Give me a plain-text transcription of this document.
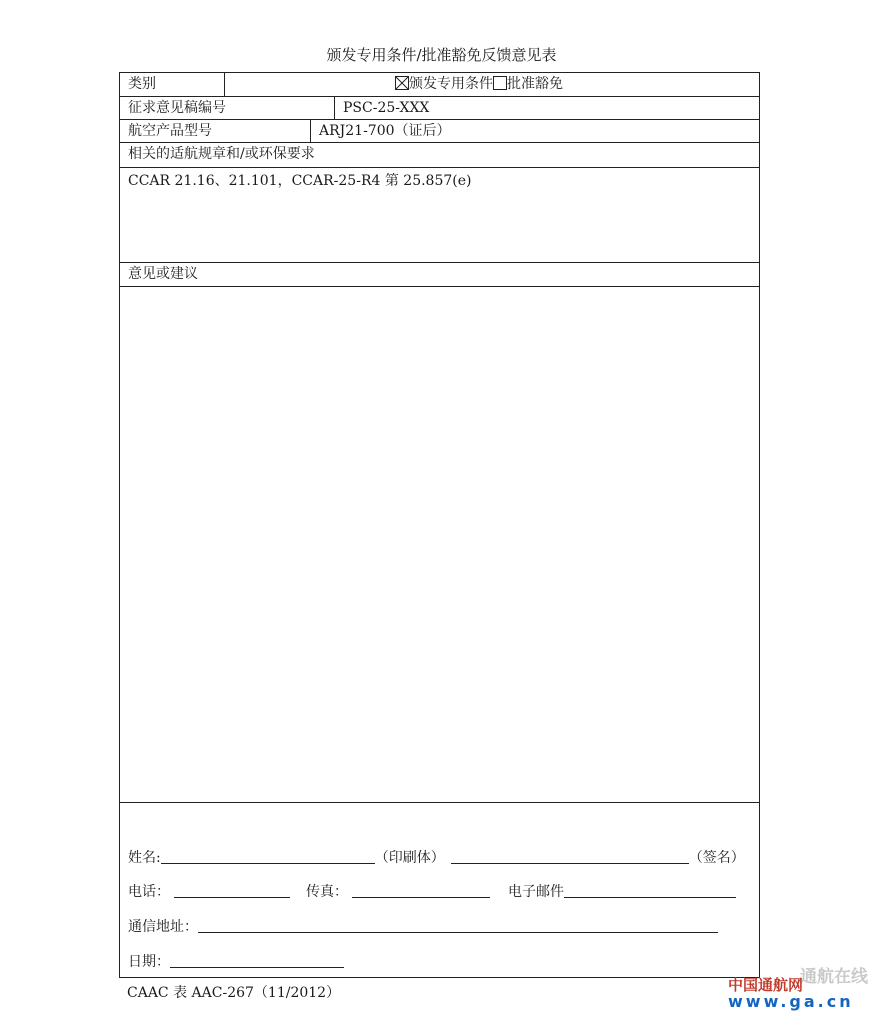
颁发专用条件/批准豁免反馈意见表
类别	颁发专用条件 批准豁免
征求意见稿编号	PSC-25-XXX
航空产品型号	ARJ21-700（证后）
相关的适航规章和/或环保要求
CCAR 21.16、21.101，CCAR-25-R4 第 25.857(e)
意见或建议
姓名:	（印刷体）	（签名）
电话：	传真：	电子邮件
通信地址：
日期：
CAAC 表 AAC-267（11/2012）
通航在线
中国通航网
www.ga.cn
